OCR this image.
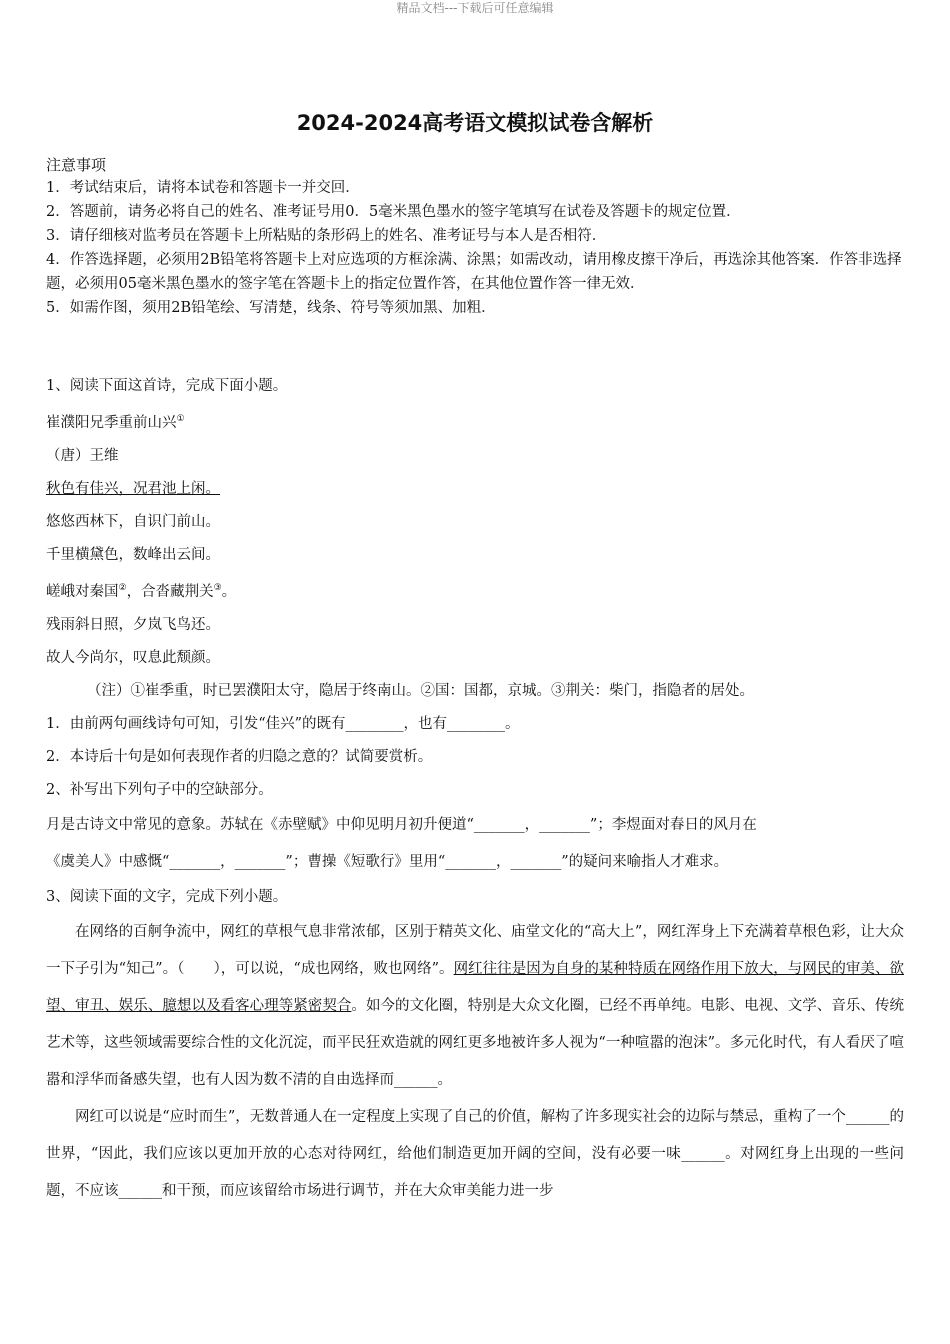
精品文档---下载后可任意编辑
2024-2024高考语文模拟试卷含解析

注意事项

1．考试结束后，请将本试卷和答题卡一并交回．
2．答题前，请务必将自己的姓名、准考证号用0．5毫米黑色墨水的签字笔填写在试卷及答题卡的规定位置．
3．请仔细核对监考员在答题卡上所粘贴的条形码上的姓名、准考证号与本人是否相符．
4．作答选择题，必须用2B铅笔将答题卡上对应选项的方框涂满、涂黑；如需改动，请用橡皮擦干净后，再选涂其他答案．作答非选择题，必须用05毫米黑色墨水的签字笔在答题卡上的指定位置作答，在其他位置作答一律无效．
5．如需作图，须用2B铅笔绘、写清楚，线条、符号等须加黑、加粗．

1、阅读下面这首诗，完成下面小题。

崔濮阳兄季重前山兴①

（唐）王维

秋色有佳兴，况君池上闲。

悠悠西林下，自识门前山。

千里横黛色，数峰出云间。

嵯峨对秦国②，合沓藏荆关③。

残雨斜日照，夕岚飞鸟还。

故人今尚尔，叹息此颓颜。

（注）①崔季重，时已罢濮阳太守，隐居于终南山。②国：国都，京城。③荆关：柴门，指隐者的居处。

1．由前两句画线诗句可知，引发“佳兴”的既有________，也有________。

2．本诗后十句是如何表现作者的归隐之意的？试简要赏析。

2、补写出下列句子中的空缺部分。

月是古诗文中常见的意象。苏轼在《赤壁赋》中仰见明月初升便道“_______，_______”；李煜面对春日的风月在

《虞美人》中感慨“_______，_______”；曹操《短歌行》里用“_______，_______”的疑问来喻指人才难求。

3、阅读下面的文字，完成下列小题。

在网络的百舸争流中，网红的草根气息非常浓郁，区别于精英文化、庙堂文化的“高大上”，网红浑身上下充满着草根色彩，让大众一下子引为“知己”。（　　），可以说，“成也网络，败也网络”。网红往往是因为自身的某种特质在网络作用下放大，与网民的审美、欲望、审丑、娱乐、臆想以及看客心理等紧密契合。如今的文化圈，特别是大众文化圈，已经不再单纯。电影、电视、文学、音乐、传统艺术等，这些领域需要综合性的文化沉淀，而平民狂欢造就的网红更多地被许多人视为“一种喧嚣的泡沫”。多元化时代，有人看厌了喧嚣和浮华而备感失望，也有人因为数不清的自由选择而______。

网红可以说是“应时而生”，无数普通人在一定程度上实现了自己的价值，解构了许多现实社会的边际与禁忌，重构了一个______的世界，“因此，我们应该以更加开放的心态对待网红，给他们制造更加开阔的空间，没有必要一味______。对网红身上出现的一些问题，不应该______和干预，而应该留给市场进行调节，并在大众审美能力进一步
